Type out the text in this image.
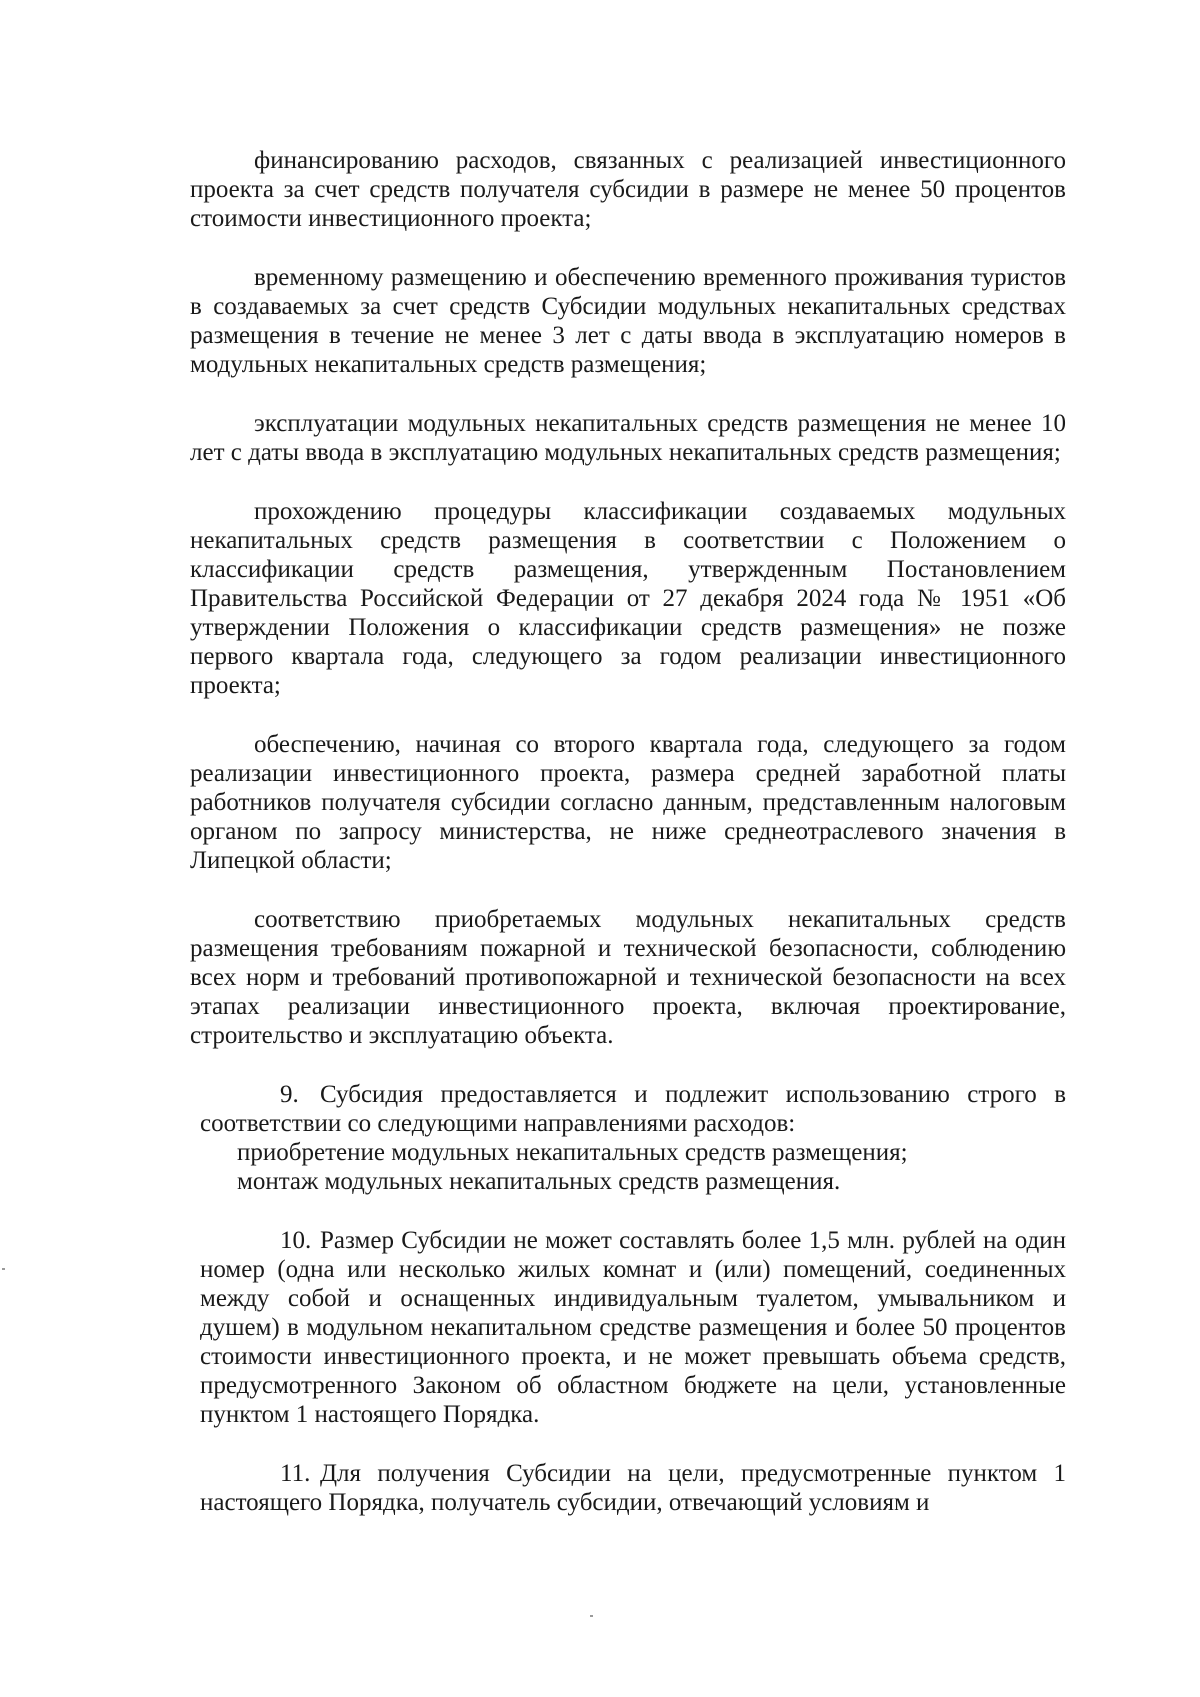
финансированию расходов, связанных с реализацией инвестиционного проекта за счет средств получателя субсидии в размере не менее 50 процентов стоимости инвестиционного проекта;

временному размещению и обеспечению временного проживания туристов в создаваемых за счет средств Субсидии модульных некапитальных средствах размещения в течение не менее 3 лет с даты ввода в эксплуатацию номеров в модульных некапитальных средств размещения;

эксплуатации модульных некапитальных средств размещения не менее 10 лет с даты ввода в эксплуатацию модульных некапитальных средств размещения;

прохождению процедуры классификации создаваемых модульных некапитальных средств размещения в соответствии с Положением о классификации средств размещения, утвержденным Постановлением Правительства Российской Федерации от 27 декабря 2024 года № 1951 «Об утверждении Положения о классификации средств размещения» не позже первого квартала года, следующего за годом реализации инвестиционного проекта;

обеспечению, начиная со второго квартала года, следующего за годом реализации инвестиционного проекта, размера средней заработной платы работников получателя субсидии согласно данным, представленным налоговым органом по запросу министерства, не ниже среднеотраслевого значения в Липецкой области;

соответствию приобретаемых модульных некапитальных средств размещения требованиям пожарной и технической безопасности, соблюдению всех норм и требований противопожарной и технической безопасности на всех этапах реализации инвестиционного проекта, включая проектирование, строительство и эксплуатацию объекта.

9. Субсидия предоставляется и подлежит использованию строго в соответствии со следующими направлениями расходов:

приобретение модульных некапитальных средств размещения;

монтаж модульных некапитальных средств размещения.

10. Размер Субсидии не может составлять более 1,5 млн. рублей на один номер (одна или несколько жилых комнат и (или) помещений, соединенных между собой и оснащенных индивидуальным туалетом, умывальником и душем) в модульном некапитальном средстве размещения и более 50 процентов стоимости инвестиционного проекта, и не может превышать объема средств, предусмотренного Законом об областном бюджете на цели, установленные пунктом 1 настоящего Порядка.

11. Для получения Субсидии на цели, предусмотренные пунктом 1 настоящего Порядка, получатель субсидии, отвечающий условиям и
